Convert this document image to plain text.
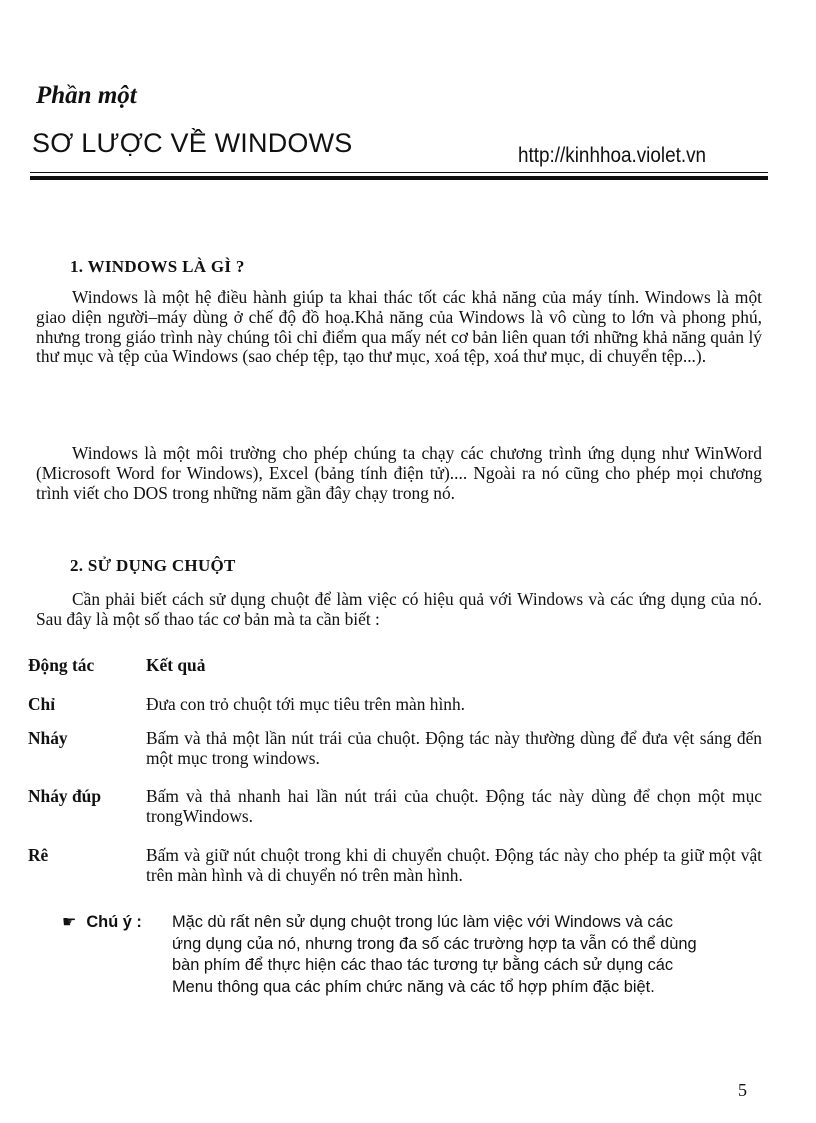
Phần một
SƠ LƯỢC VỀ WINDOWS	http://kinhhoa.violet.vn
1. WINDOWS LÀ GÌ ?

Windows là một hệ điều hành giúp ta khai thác tốt các khả năng của máy tính. Windows là một giao diện người–máy dùng ở chế độ đồ hoạ.Khả năng của Windows là vô cùng to lớn và phong phú, nhưng trong giáo trình này chúng tôi chỉ điểm qua mấy nét cơ bản liên quan tới những khả năng quản lý thư mục và tệp của Windows (sao chép tệp, tạo thư mục, xoá tệp, xoá thư mục, di chuyển tệp...).

Windows là một môi trường cho phép chúng ta chạy các chương trình ứng dụng như WinWord (Microsoft Word for Windows), Excel (bảng tính điện tử).... Ngoài ra nó cũng cho phép mọi chương trình viết cho DOS trong những năm gần đây chạy trong nó.

2. SỬ DỤNG CHUỘT

Cần phải biết cách sử dụng chuột để làm việc có hiệu quả với Windows và các ứng dụng của nó. Sau đây là một số thao tác cơ bản mà ta cần biết :

Động tác	Kết quả
Chỉ	Đưa con trỏ chuột tới mục tiêu trên màn hình.
Nháy	Bấm và thả một lần nút trái của chuột. Động tác này thường dùng để đưa vệt sáng đến một mục trong windows.
Nháy đúp	Bấm và thả nhanh hai lần nút trái của chuột. Động tác này dùng để chọn một mục trongWindows.
Rê	Bấm và giữ nút chuột trong khi di chuyển chuột. Động tác này cho phép ta giữ một vật trên màn hình và di chuyển nó trên màn hình.
☛ Chú ý : Mặc dù rất nên sử dụng chuột trong lúc làm việc với Windows và các ứng dụng của nó, nhưng trong đa số các trường hợp ta vẫn có thể dùng bàn phím để thực hiện các thao tác tương tự bằng cách sử dụng các Menu thông qua các phím chức năng và các tổ hợp phím đặc biệt.
5
